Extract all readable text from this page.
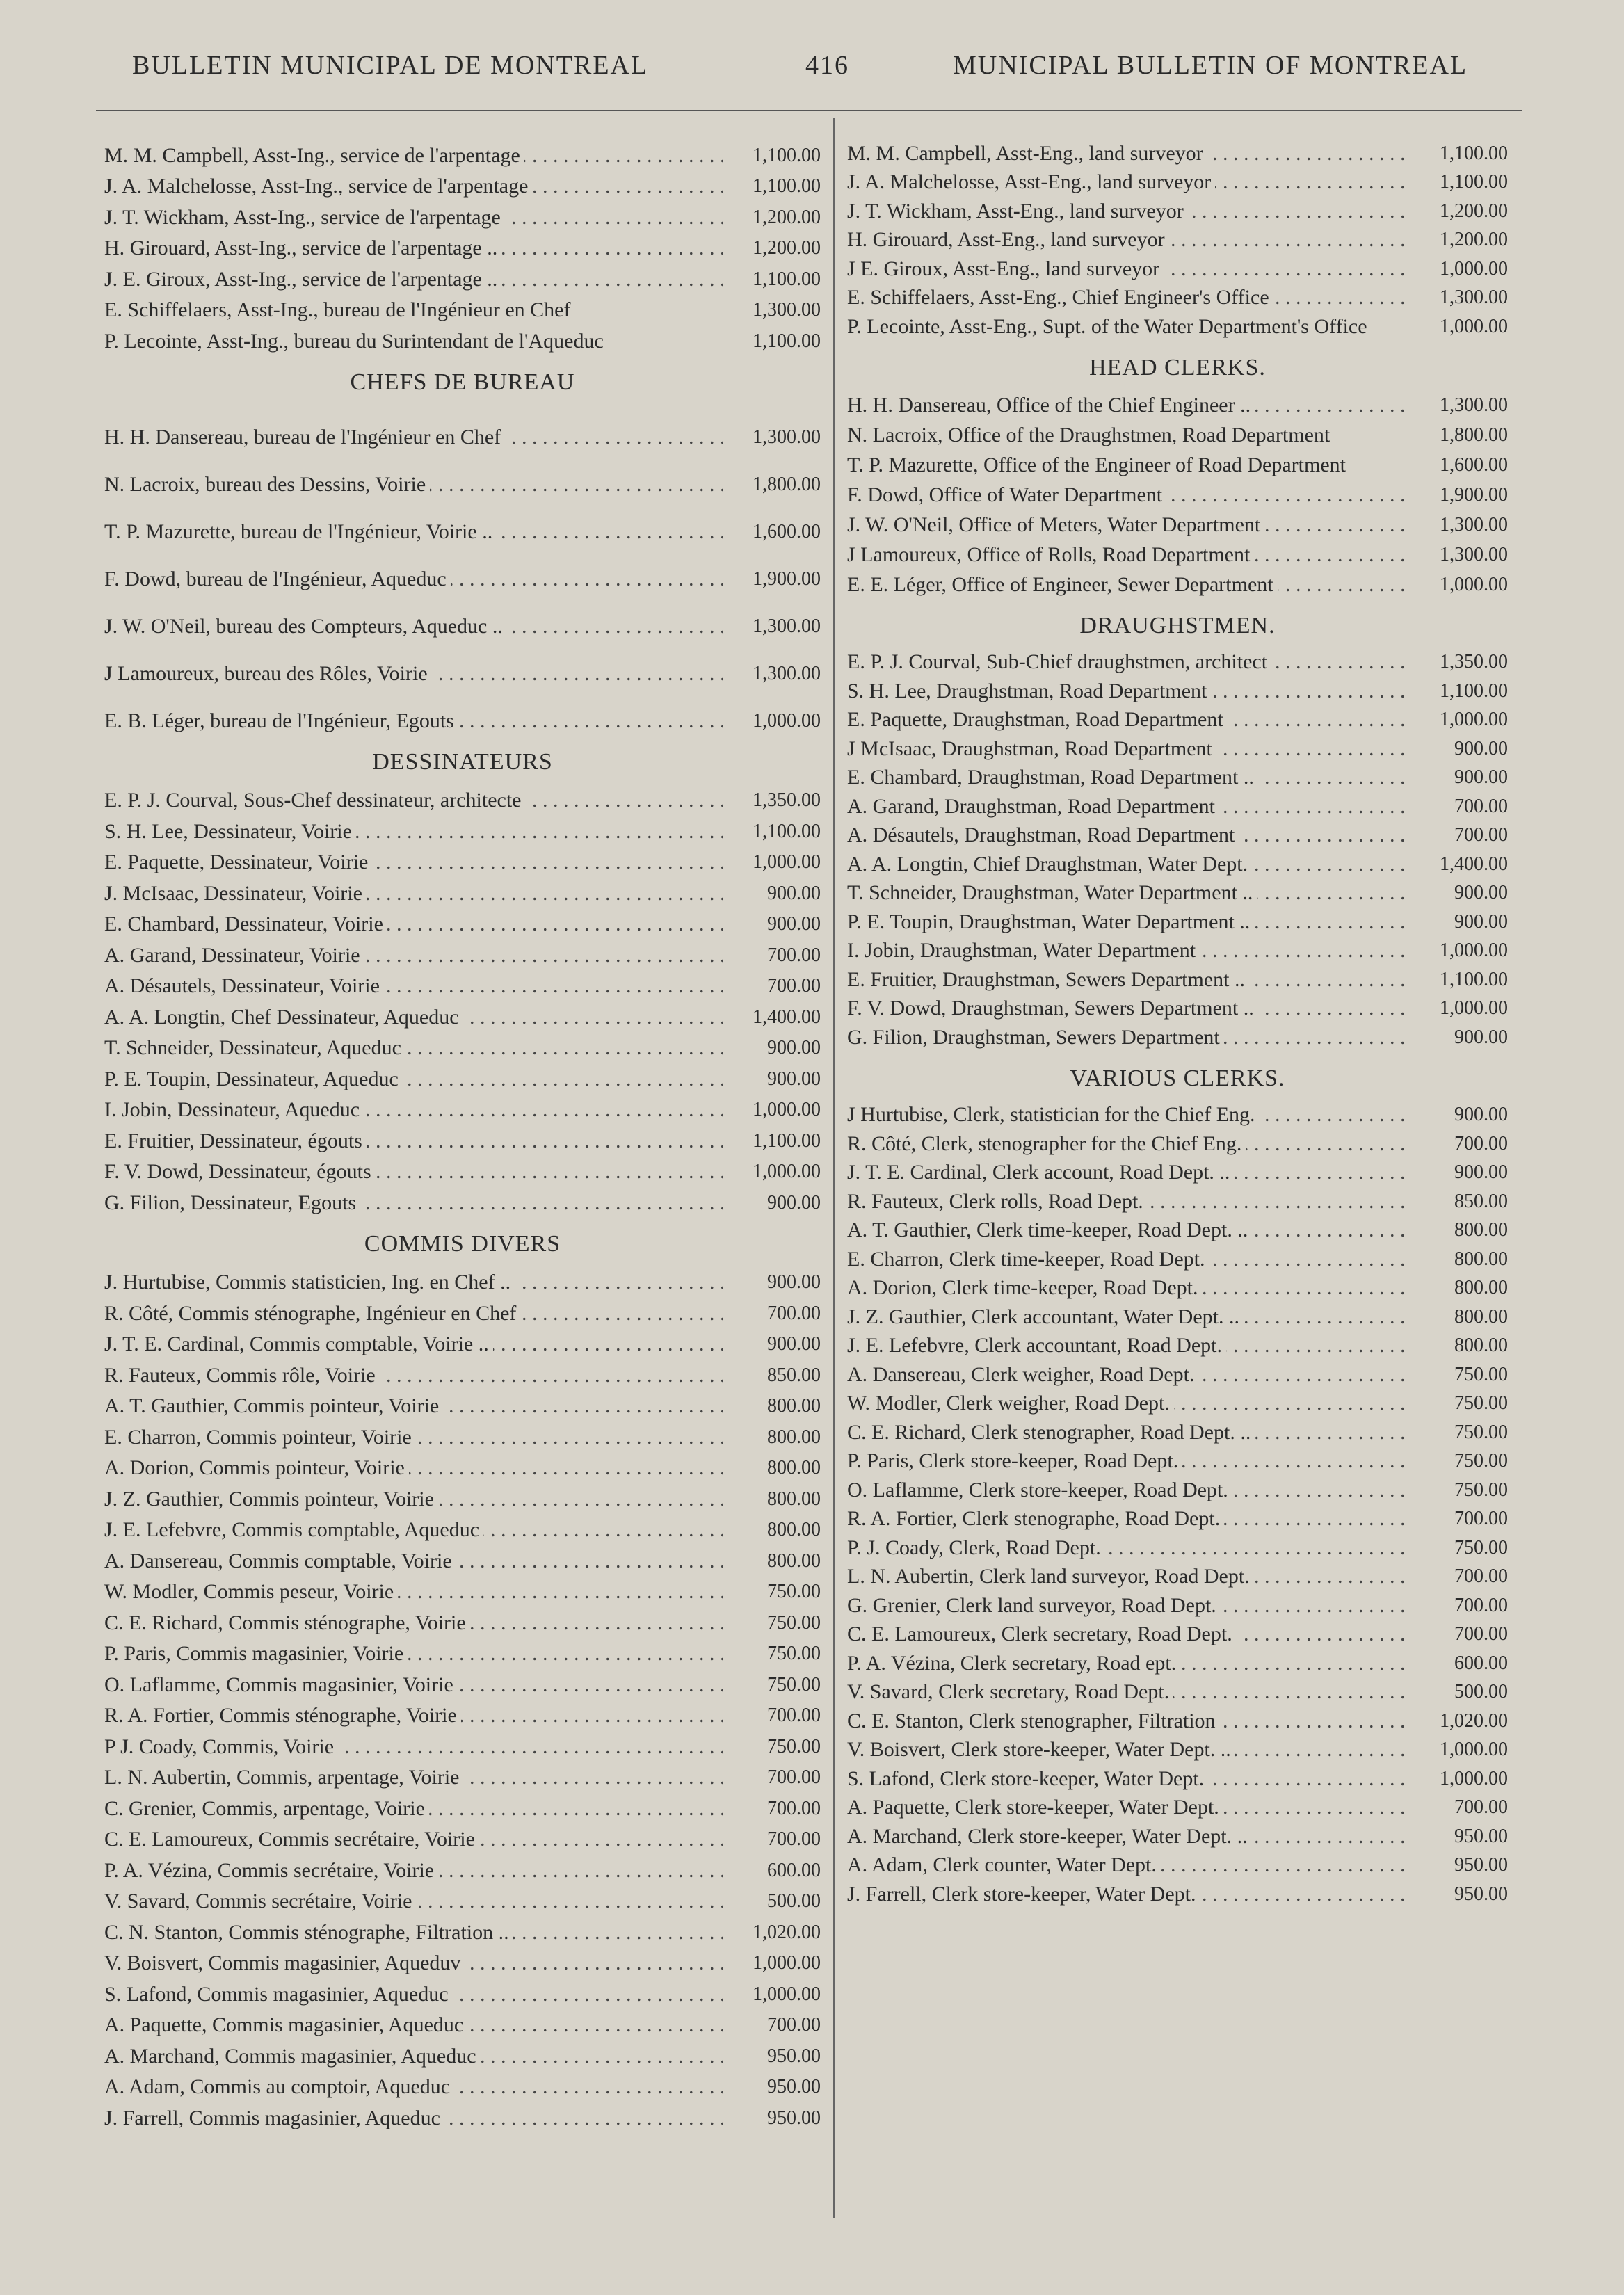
BULLETIN MUNICIPAL DE MONTREAL	416	MUNICIPAL BULLETIN OF MONTREAL
M. M. Campbell, Asst-Ing., service de l'arpentage . . .	1,100.00
J. A. Malchelosse, Asst-Ing., service de l'arpentage . . .	1,100.00
J. T. Wickham, Asst-Ing., service de l'arpentage . . .	1,200.00
H. Girouard, Asst-Ing., service de l'arpentage .. . . .	1,200.00
J. E. Giroux, Asst-Ing., service de l'arpentage .. . . .	1,100.00
E. Schiffelaers, Asst-Ing., bureau de l'Ingénieur en Chef	1,300.00
P. Lecointe, Asst-Ing., bureau du Surintendant de l'Aqueduc	1,100.00
CHEFS DE BUREAU
H. H. Dansereau, bureau de l'Ingénieur en Chef . . .	1,300.00
N. Lacroix, bureau des Dessins, Voirie . . .	1,800.00
T. P. Mazurette, bureau de l'Ingénieur, Voirie .. . . .	1,600.00
F. Dowd, bureau de l'Ingénieur, Aqueduc . . .	1,900.00
J. W. O'Neil, bureau des Compteurs, Aqueduc .. . . .	1,300.00
J Lamoureux, bureau des Rôles, Voirie . . .	1,300.00
E. B. Léger, bureau de l'Ingénieur, Egouts . . .	1,000.00
DESSINATEURS
E. P. J. Courval, Sous-Chef dessinateur, architecte . . .	1,350.00
S. H. Lee, Dessinateur, Voirie . . .	1,100.00
E. Paquette, Dessinateur, Voirie . . .	1,000.00
J. McIsaac, Dessinateur, Voirie . . .	900.00
E. Chambard, Dessinateur, Voirie . . .	900.00
A. Garand, Dessinateur, Voirie . . .	700.00
A. Désautels, Dessinateur, Voirie . . .	700.00
A. A. Longtin, Chef Dessinateur, Aqueduc . . .	1,400.00
T. Schneider, Dessinateur, Aqueduc . . .	900.00
P. E. Toupin, Dessinateur, Aqueduc . . .	900.00
I. Jobin, Dessinateur, Aqueduc . . .	1,000.00
E. Fruitier, Dessinateur, égouts . . .	1,100.00
F. V. Dowd, Dessinateur, égouts . . .	1,000.00
G. Filion, Dessinateur, Egouts . . .	900.00
COMMIS DIVERS
J. Hurtubise, Commis statisticien, Ing. en Chef .. . . .	900.00
R. Côté, Commis sténographe, Ingénieur en Chef . . .	700.00
J. T. E. Cardinal, Commis comptable, Voirie .. . . .	900.00
R. Fauteux, Commis rôle, Voirie . . .	850.00
A. T. Gauthier, Commis pointeur, Voirie . . .	800.00
E. Charron, Commis pointeur, Voirie . . .	800.00
A. Dorion, Commis pointeur, Voirie . . .	800.00
J. Z. Gauthier, Commis pointeur, Voirie . . .	800.00
J. E. Lefebvre, Commis comptable, Aqueduc . . .	800.00
A. Dansereau, Commis comptable, Voirie . . .	800.00
W. Modler, Commis peseur, Voirie . . .	750.00
C. E. Richard, Commis sténographe, Voirie . . .	750.00
P. Paris, Commis magasinier, Voirie . . .	750.00
O. Laflamme, Commis magasinier, Voirie . . .	750.00
R. A. Fortier, Commis sténographe, Voirie . . .	700.00
P J. Coady, Commis, Voirie . . .	750.00
L. N. Aubertin, Commis, arpentage, Voirie . . .	700.00
C. Grenier, Commis, arpentage, Voirie . . .	700.00
C. E. Lamoureux, Commis secrétaire, Voirie . . .	700.00
P. A. Vézina, Commis secrétaire, Voirie . . .	600.00
V. Savard, Commis secrétaire, Voirie . . .	500.00
C. N. Stanton, Commis sténographe, Filtration .. . . .	1,020.00
V. Boisvert, Commis magasinier, Aqueduv . . .	1,000.00
S. Lafond, Commis magasinier, Aqueduc . . .	1,000.00
A. Paquette, Commis magasinier, Aqueduc . . .	700.00
A. Marchand, Commis magasinier, Aqueduc . . .	950.00
A. Adam, Commis au comptoir, Aqueduc . . .	950.00
J. Farrell, Commis magasinier, Aqueduc . . .	950.00
M. M. Campbell, Asst-Eng., land surveyor . . .	1,100.00
J. A. Malchelosse, Asst-Eng., land surveyor . . .	1,100.00
J. T. Wickham, Asst-Eng., land surveyor . . .	1,200.00
H. Girouard, Asst-Eng., land surveyor . . .	1,200.00
J E. Giroux, Asst-Eng., land surveyor . . .	1,000.00
E. Schiffelaers, Asst-Eng., Chief Engineer's Office . . .	1,300.00
P. Lecointe, Asst-Eng., Supt. of the Water Department's Office	1,000.00
HEAD CLERKS.
H. H. Dansereau, Office of the Chief Engineer .. . . .	1,300.00
N. Lacroix, Office of the Draughstmen, Road Department	1,800.00
T. P. Mazurette, Office of the Engineer of Road Department	1,600.00
F. Dowd, Office of Water Department . . .	1,900.00
J. W. O'Neil, Office of Meters, Water Department . . .	1,300.00
J Lamoureux, Office of Rolls, Road Department . . .	1,300.00
E. E. Léger, Office of Engineer, Sewer Department . . .	1,000.00
DRAUGHSTMEN.
E. P. J. Courval, Sub-Chief draughstmen, architect . . .	1,350.00
S. H. Lee, Draughstman, Road Department . . .	1,100.00
E. Paquette, Draughstman, Road Department . . .	1,000.00
J McIsaac, Draughstman, Road Department . . .	900.00
E. Chambard, Draughstman, Road Department .. . . .	900.00
A. Garand, Draughstman, Road Department . . .	700.00
A. Désautels, Draughstman, Road Department . . .	700.00
A. A. Longtin, Chief Draughstman, Water Dept. . . .	1,400.00
T. Schneider, Draughstman, Water Department .. . . .	900.00
P. E. Toupin, Draughstman, Water Department .. . . .	900.00
I. Jobin, Draughstman, Water Department . . .	1,000.00
E. Fruitier, Draughstman, Sewers Department .. . . .	1,100.00
F. V. Dowd, Draughstman, Sewers Department .. . . .	1,000.00
G. Filion, Draughstman, Sewers Department . . .	900.00
VARIOUS CLERKS.
J Hurtubise, Clerk, statistician for the Chief Eng. . . .	900.00
R. Côté, Clerk, stenographer for the Chief Eng. . . .	700.00
J. T. E. Cardinal, Clerk account, Road Dept. .. . . .	900.00
R. Fauteux, Clerk rolls, Road Dept. . . .	850.00
A. T. Gauthier, Clerk time-keeper, Road Dept. .. . . .	800.00
E. Charron, Clerk time-keeper, Road Dept. . . .	800.00
A. Dorion, Clerk time-keeper, Road Dept. . . .	800.00
J. Z. Gauthier, Clerk accountant, Water Dept. .. . . .	800.00
J. E. Lefebvre, Clerk accountant, Road Dept. . . .	800.00
A. Dansereau, Clerk weigher, Road Dept. . . .	750.00
W. Modler, Clerk weigher, Road Dept. . . .	750.00
C. E. Richard, Clerk stenographer, Road Dept. .. . . .	750.00
P. Paris, Clerk store-keeper, Road Dept. . . .	750.00
O. Laflamme, Clerk store-keeper, Road Dept. . . .	750.00
R. A. Fortier, Clerk stenographe, Road Dept. . . .	700.00
P. J. Coady, Clerk, Road Dept. . . .	750.00
L. N. Aubertin, Clerk land surveyor, Road Dept. . . .	700.00
G. Grenier, Clerk land surveyor, Road Dept. . . .	700.00
C. E. Lamoureux, Clerk secretary, Road Dept. . . .	700.00
P. A. Vézina, Clerk secretary, Road ept. . . .	600.00
V. Savard, Clerk secretary, Road Dept. . . .	500.00
C. E. Stanton, Clerk stenographer, Filtration . . .	1,020.00
V. Boisvert, Clerk store-keeper, Water Dept. .. . . .	1,000.00
S. Lafond, Clerk store-keeper, Water Dept. . . .	1,000.00
A. Paquette, Clerk store-keeper, Water Dept. . . .	700.00
A. Marchand, Clerk store-keeper, Water Dept. .. . . .	950.00
A. Adam, Clerk counter, Water Dept. . . .	950.00
J. Farrell, Clerk store-keeper, Water Dept. . . .	950.00
